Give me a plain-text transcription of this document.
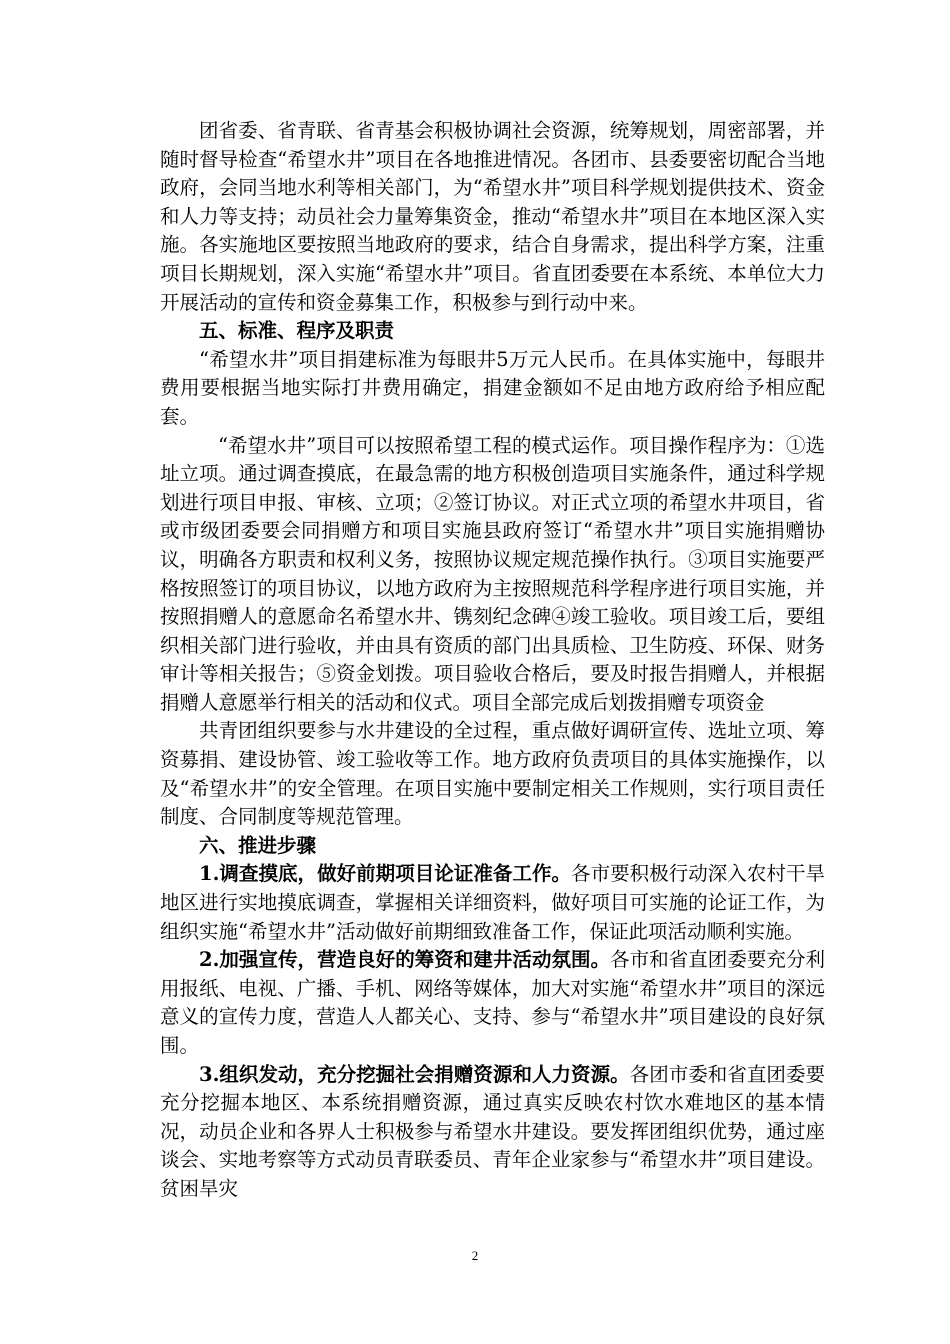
团省委、省青联、省青基会积极协调社会资源，统筹规划，周密部署，并随时督导检查“希望水井”项目在各地推进情况。各团市、县委要密切配合当地政府，会同当地水利等相关部门，为“希望水井”项目科学规划提供技术、资金和人力等支持；动员社会力量筹集资金，推动“希望水井”项目在本地区深入实施。各实施地区要按照当地政府的要求，结合自身需求，提出科学方案，注重项目长期规划，深入实施“希望水井”项目。省直团委要在本系统、本单位大力开展活动的宣传和资金募集工作，积极参与到行动中来。

五、标准、程序及职责

“希望水井”项目捐建标准为每眼井5万元人民币。在具体实施中，每眼井费用要根据当地实际打井费用确定，捐建金额如不足由地方政府给予相应配套。

“希望水井”项目可以按照希望工程的模式运作。项目操作程序为：①选址立项。通过调查摸底，在最急需的地方积极创造项目实施条件，通过科学规划进行项目申报、审核、立项；②签订协议。对正式立项的希望水井项目，省或市级团委要会同捐赠方和项目实施县政府签订“希望水井”项目实施捐赠协议，明确各方职责和权利义务，按照协议规定规范操作执行。③项目实施要严格按照签订的项目协议，以地方政府为主按照规范科学程序进行项目实施，并按照捐赠人的意愿命名希望水井、镌刻纪念碑④竣工验收。项目竣工后，要组织相关部门进行验收，并由具有资质的部门出具质检、卫生防疫、环保、财务审计等相关报告；⑤资金划拨。项目验收合格后，要及时报告捐赠人，并根据捐赠人意愿举行相关的活动和仪式。项目全部完成后划拨捐赠专项资金

共青团组织要参与水井建设的全过程，重点做好调研宣传、选址立项、筹资募捐、建设协管、竣工验收等工作。地方政府负责项目的具体实施操作，以及“希望水井”的安全管理。在项目实施中要制定相关工作规则，实行项目责任制度、合同制度等规范管理。

六、推进步骤

1.调查摸底，做好前期项目论证准备工作。各市要积极行动深入农村干旱地区进行实地摸底调查，掌握相关详细资料，做好项目可实施的论证工作，为组织实施“希望水井”活动做好前期细致准备工作，保证此项活动顺利实施。

2.加强宣传，营造良好的筹资和建井活动氛围。各市和省直团委要充分利用报纸、电视、广播、手机、网络等媒体，加大对实施“希望水井”项目的深远意义的宣传力度，营造人人都关心、支持、参与“希望水井”项目建设的良好氛围。

3.组织发动，充分挖掘社会捐赠资源和人力资源。各团市委和省直团委要充分挖掘本地区、本系统捐赠资源，通过真实反映农村饮水难地区的基本情况，动员企业和各界人士积极参与希望水井建设。要发挥团组织优势，通过座谈会、实地考察等方式动员青联委员、青年企业家参与“希望水井”项目建设。贫困旱灾

2
